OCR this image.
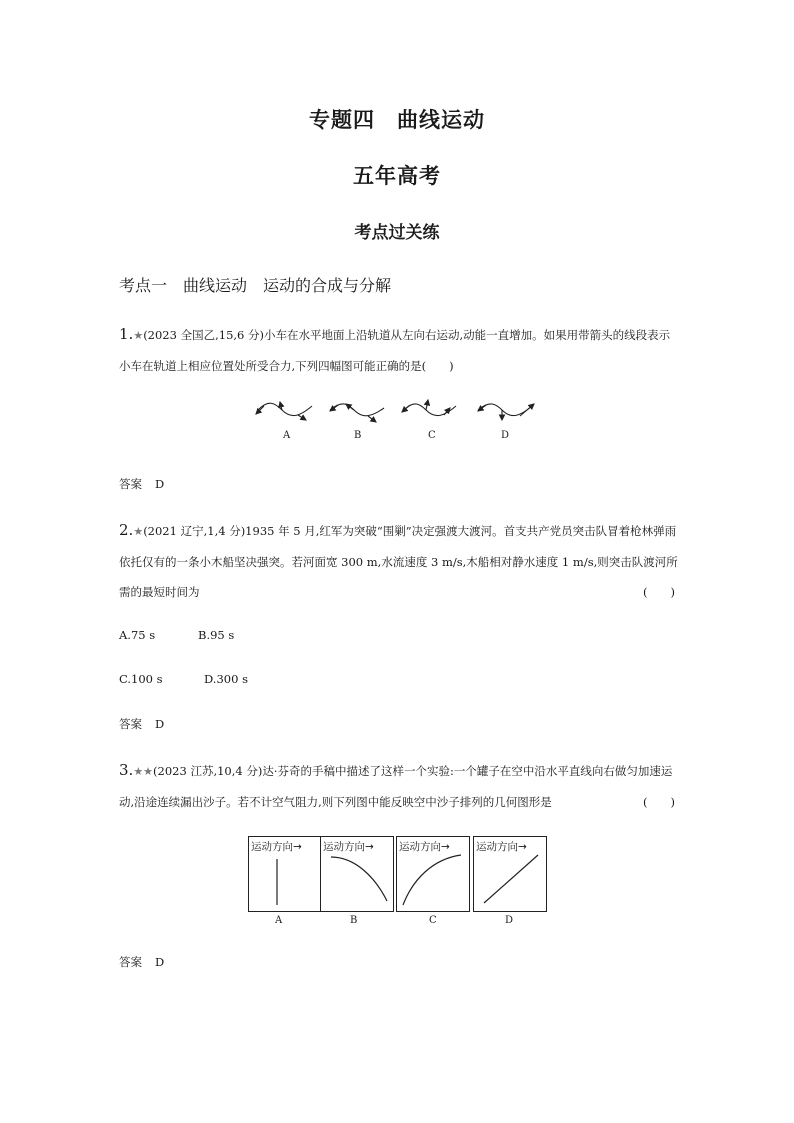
专题四　曲线运动
五年高考
考点过关练
考点一　曲线运动　运动的合成与分解
1.★(2023 全国乙,15,6 分)小车在水平地面上沿轨道从左向右运动,动能一直增加。如果用带箭头的线段表示
小车在轨道上相应位置处所受合力,下列四幅图可能正确的是(　　)
A	B	C	D
答案 D
2.★(2021 辽宁,1,4 分)1935 年 5 月,红军为突破“围剿”决定强渡大渡河。首支共产党员突击队冒着枪林弹雨
依托仅有的一条小木船坚决强突。若河面宽 300 m,水流速度 3 m/s,木船相对静水速度 1 m/s,则突击队渡河所
需的最短时间为	(　　)
A.75 s	B.95 s
C.100 s	D.300 s
答案 D
3.★★(2023 江苏,10,4 分)达·芬奇的手稿中描述了这样一个实验:一个罐子在空中沿水平直线向右做匀加速运
动,沿途连续漏出沙子。若不计空气阻力,则下列图中能反映空中沙子排列的几何图形是	(　　)
运动方向→ 运动方向→ 运动方向→ 运动方向→
A	B	C	D
答案 D
